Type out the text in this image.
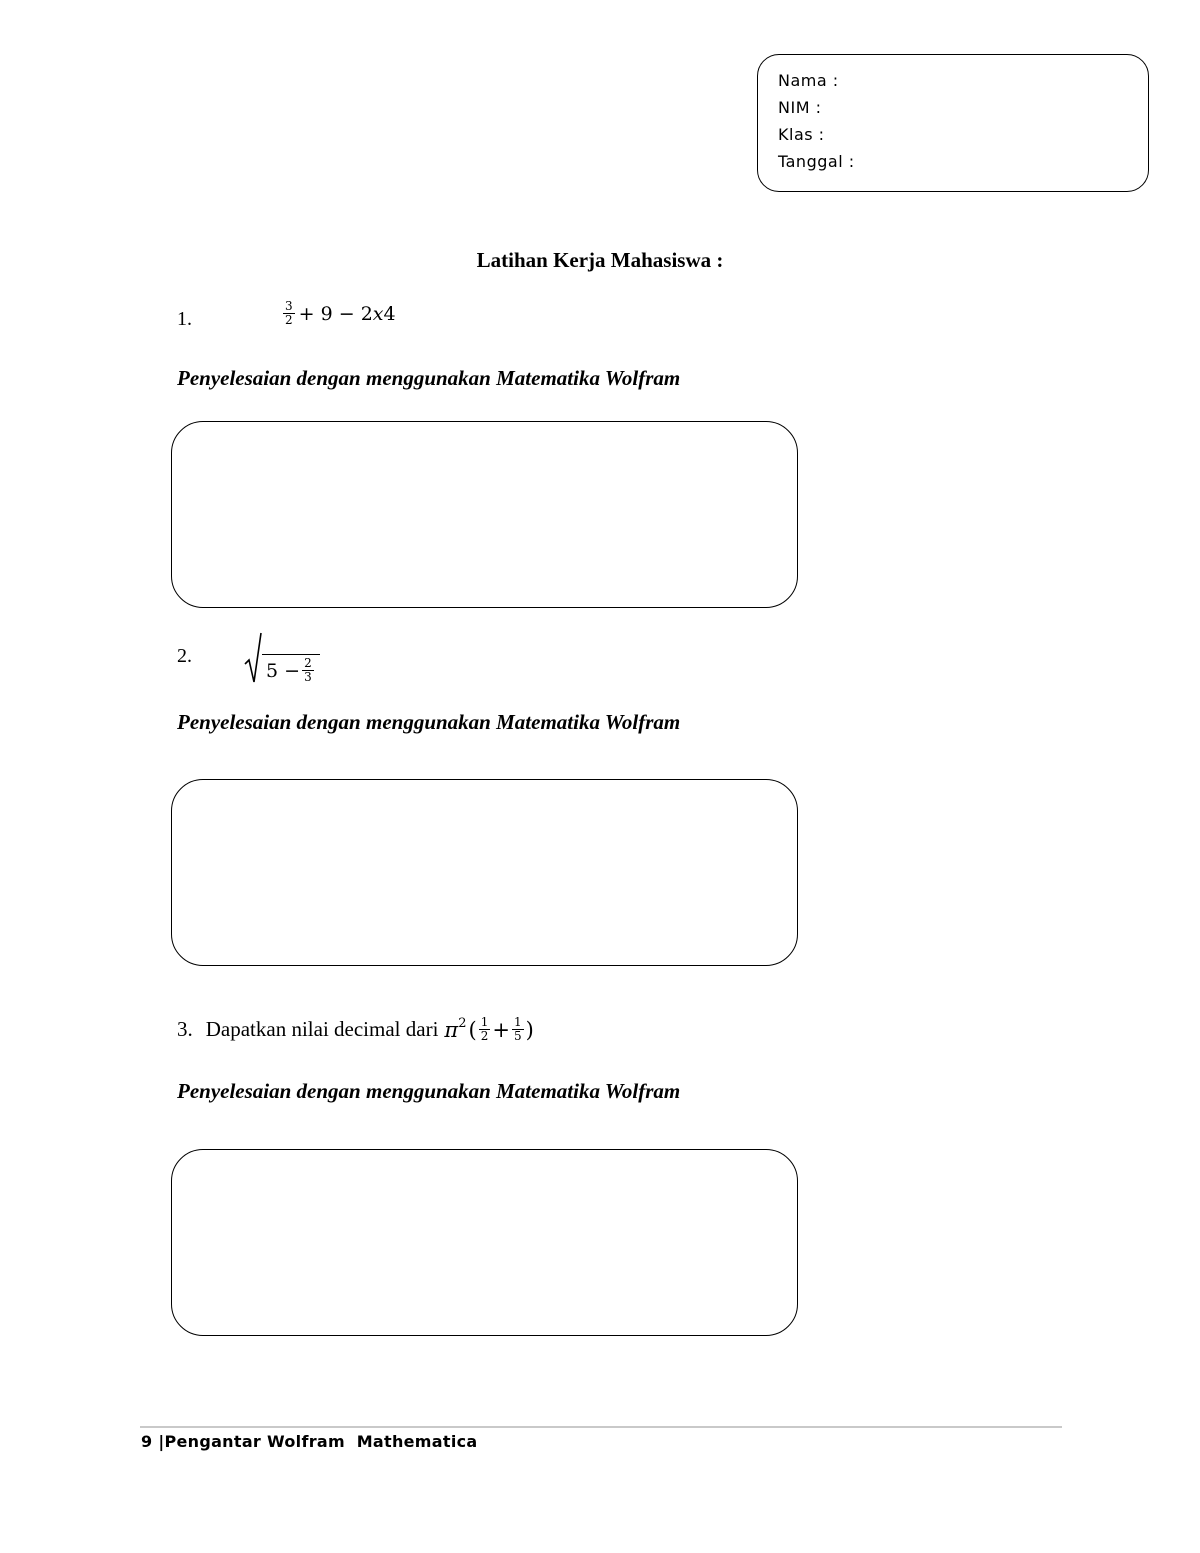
Nama :
NIM :
Klas :
Tanggal :
Latihan Kerja Mahasiswa :
1.	$\frac{3}{2} + 9$ − 2𝑥4
Penyelesaian dengan menggunakan Matematika Wolfram
2.
$5 - \frac{2}{3}$
Penyelesaian dengan menggunakan Matematika Wolfram
3. Dapatkan nilai decimal dari $\pi^2$ ( $\frac{1}{2} + \frac{1}{5}$ )
Penyelesaian dengan menggunakan Matematika Wolfram
9 |Pengantar Wolfram  Mathematica
